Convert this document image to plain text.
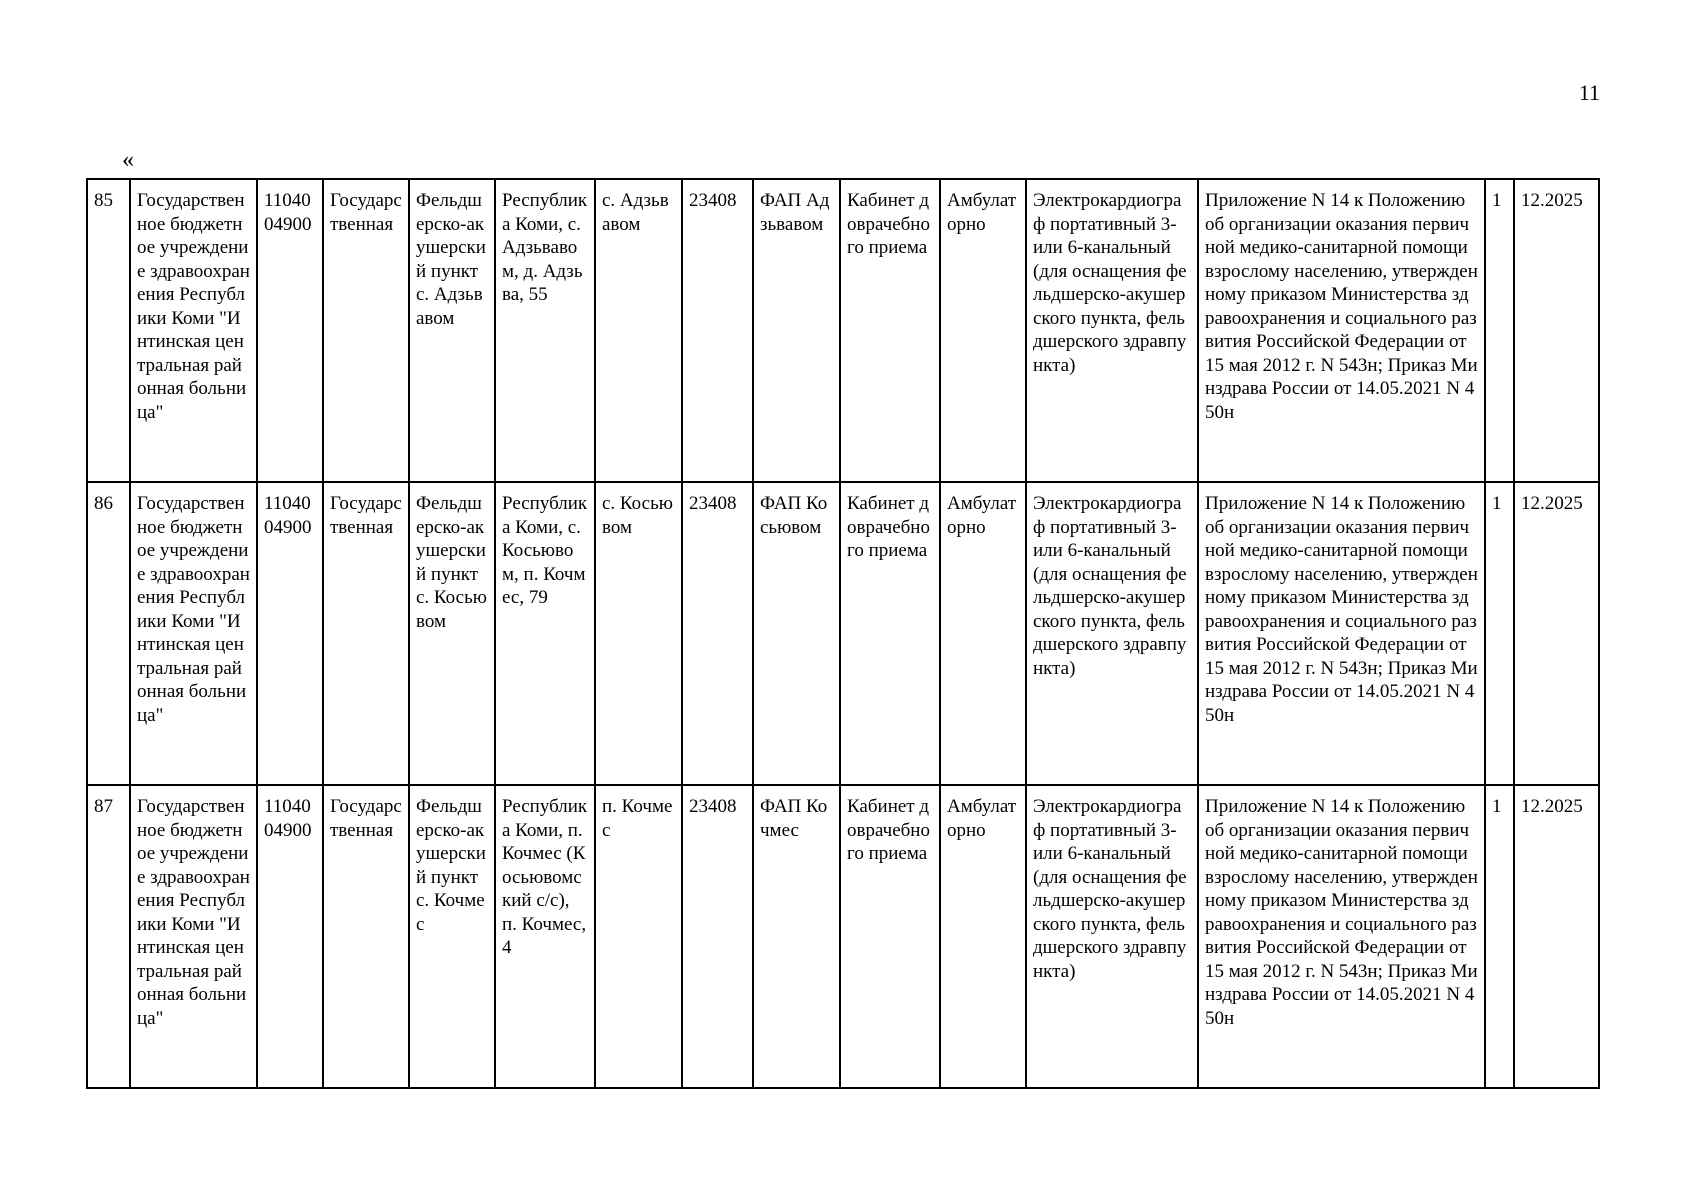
11
«
85	Государственное бюджетное учреждение здравоохранения Республики Коми "Интинская центральная районная больница"	1104004900	Государственная	Фельдшерско-акушерский пункт с. Адзьвавом	Республика Коми, с. Адзьвавом, д. Адзьва, 55	с. Адзьвавом	23408	ФАП Адзьвавом	Кабинет доврачебного приема	Амбулаторно	Электрокардиограф портативный 3- или 6-канальный (для оснащения фельдшерско-акушерского пункта, фельдшерского здравпункта)	Приложение N 14 к Положению об организации оказания первичной медико-санитарной помощи взрослому населению, утвержденному приказом Министерства здравоохранения и социального развития Российской Федерации от 15 мая 2012 г. N 543н; Приказ Минздрава России от 14.05.2021 N 450н	1	12.2025
86	Государственное бюджетное учреждение здравоохранения Республики Коми "Интинская центральная районная больница"	1104004900	Государственная	Фельдшерско-акушерский пункт с. Косьювом	Республика Коми, с. Косьювом, п. Кочмес, 79	с. Косьювом	23408	ФАП Косьювом	Кабинет доврачебного приема	Амбулаторно	Электрокардиограф портативный 3- или 6-канальный (для оснащения фельдшерско-акушерского пункта, фельдшерского здравпункта)	Приложение N 14 к Положению об организации оказания первичной медико-санитарной помощи взрослому населению, утвержденному приказом Министерства здравоохранения и социального развития Российской Федерации от 15 мая 2012 г. N 543н; Приказ Минздрава России от 14.05.2021 N 450н	1	12.2025
87	Государственное бюджетное учреждение здравоохранения Республики Коми "Интинская центральная районная больница"	1104004900	Государственная	Фельдшерско-акушерский пункт с. Кочмес	Республика Коми, п. Кочмес (Косьювомский с/с), п. Кочмес, 4	п. Кочмес	23408	ФАП Кочмес	Кабинет доврачебного приема	Амбулаторно	Электрокардиограф портативный 3- или 6-канальный (для оснащения фельдшерско-акушерского пункта, фельдшерского здравпункта)	Приложение N 14 к Положению об организации оказания первичной медико-санитарной помощи взрослому населению, утвержденному приказом Министерства здравоохранения и социального развития Российской Федерации от 15 мая 2012 г. N 543н; Приказ Минздрава России от 14.05.2021 N 450н	1	12.2025
